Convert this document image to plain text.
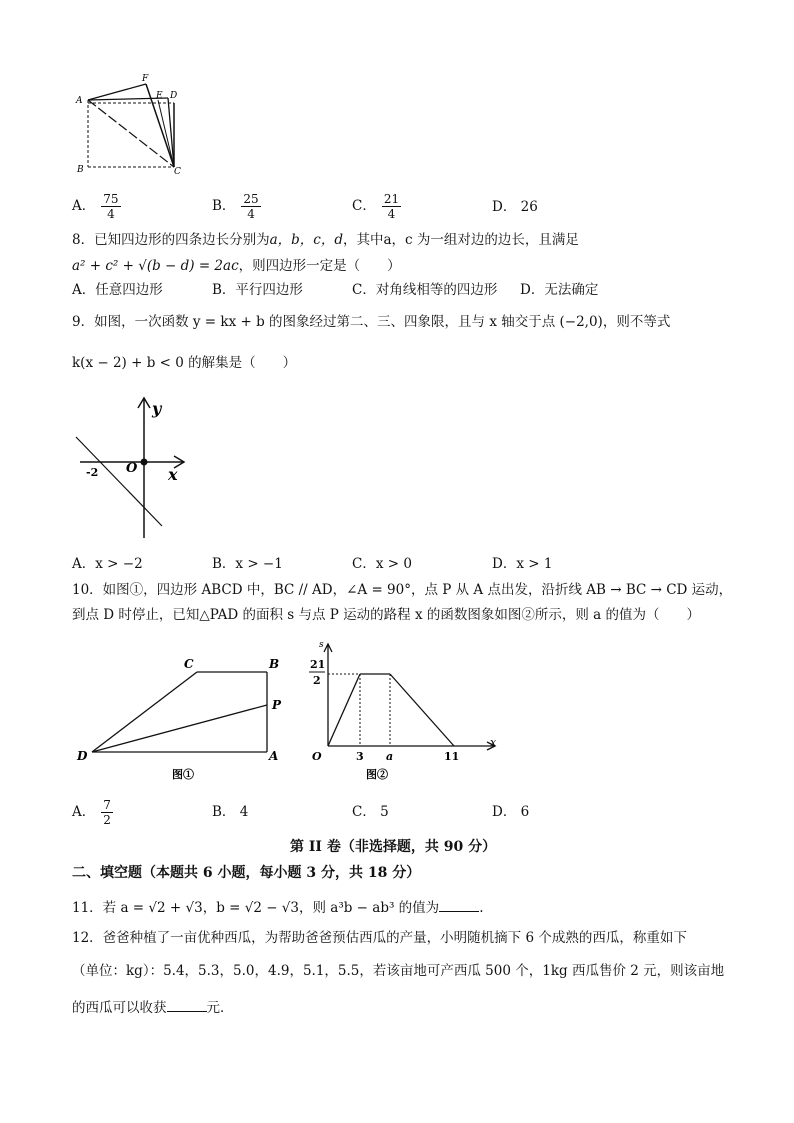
A
F
E D
B	C
A． $\frac{75}{4}$	B． $\frac{25}{4}$	C． $\frac{21}{4}$	D． 26
8．已知四边形的四条边长分别为a，b，c，d，其中a，c 为一组对边的边长，且满足
a² + c² + √(b − d) = 2ac，则四边形一定是（　　）
A．任意四边形	B．平行四边形	C．对角线相等的四边形 D．无法确定
9．如图，一次函数 y = kx + b 的图象经过第二、三、四象限，且与 x 轴交于点 (−2,0)，则不等式
k(x − 2) + b < 0 的解集是（　　）
y
x
O
-2
A．x > −2	B．x > −1	C．x > 0	D．x > 1
10．如图①，四边形 ABCD 中，BC // AD，∠A = 90°，点 P 从 A 点出发，沿折线 AB → BC → CD 运动，
到点 D 时停止，已知△PAD 的面积 s 与点 P 运动的路程 x 的函数图象如图②所示，则 a 的值为（　　）
C	B
P
D	A
图①
s
x
21
2
O	3 a	11
图②
A． $\frac{7}{2}$	B． 4	C． 5	D． 6
第 II 卷（非选择题，共 90 分）
二、填空题（本题共 6 小题，每小题 3 分，共 18 分）
11．若 a = √2 + √3，b = √2 − √3，则 a³b − ab³ 的值为	.
12．爸爸种植了一亩优种西瓜，为帮助爸爸预估西瓜的产量，小明随机摘下 6 个成熟的西瓜，称重如下
（单位：kg）：5.4，5.3，5.0，4.9，5.1，5.5，若该亩地可产西瓜 500 个，1kg 西瓜售价 2 元，则该亩地
的西瓜可以收获	元．
